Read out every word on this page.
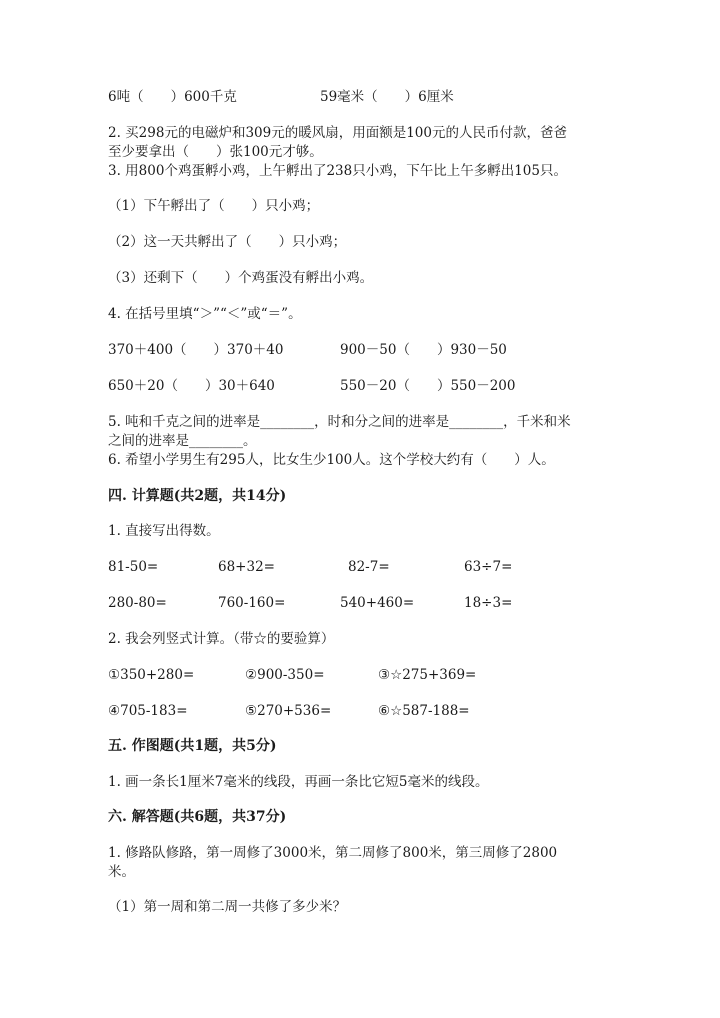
6吨（　　）600千克	59毫米（　　）6厘米
2. 买298元的电磁炉和309元的暖风扇，用面额是100元的人民币付款，爸爸
至少要拿出（　　）张100元才够。
3. 用800个鸡蛋孵小鸡，上午孵出了238只小鸡，下午比上午多孵出105只。
（1）下午孵出了（　　）只小鸡；
（2）这一天共孵出了（　　）只小鸡；
（3）还剩下（　　）个鸡蛋没有孵出小鸡。
4. 在括号里填“＞”“＜”或“＝”。
370＋400（　　）370＋40	900－50（　　）930－50
650＋20（　　）30＋640	550－20（　　）550－200
5. 吨和千克之间的进率是________，时和分之间的进率是________，千米和米
之间的进率是________。
6. 希望小学男生有295人，比女生少100人。这个学校大约有（　　）人。
四. 计算题(共2题，共14分)
1. 直接写出得数。
81-50=	68+32=	82-7=	63÷7=
280-80=	760-160=	540+460=	18÷3=
2. 我会列竖式计算。（带☆的要验算）
①350+280=	②900-350=	③☆275+369=
④705-183=	⑤270+536=	⑥☆587-188=
五. 作图题(共1题，共5分)
1. 画一条长1厘米7毫米的线段，再画一条比它短5毫米的线段。
六. 解答题(共6题，共37分)
1. 修路队修路，第一周修了3000米，第二周修了800米，第三周修了2800
米。
（1）第一周和第二周一共修了多少米？
